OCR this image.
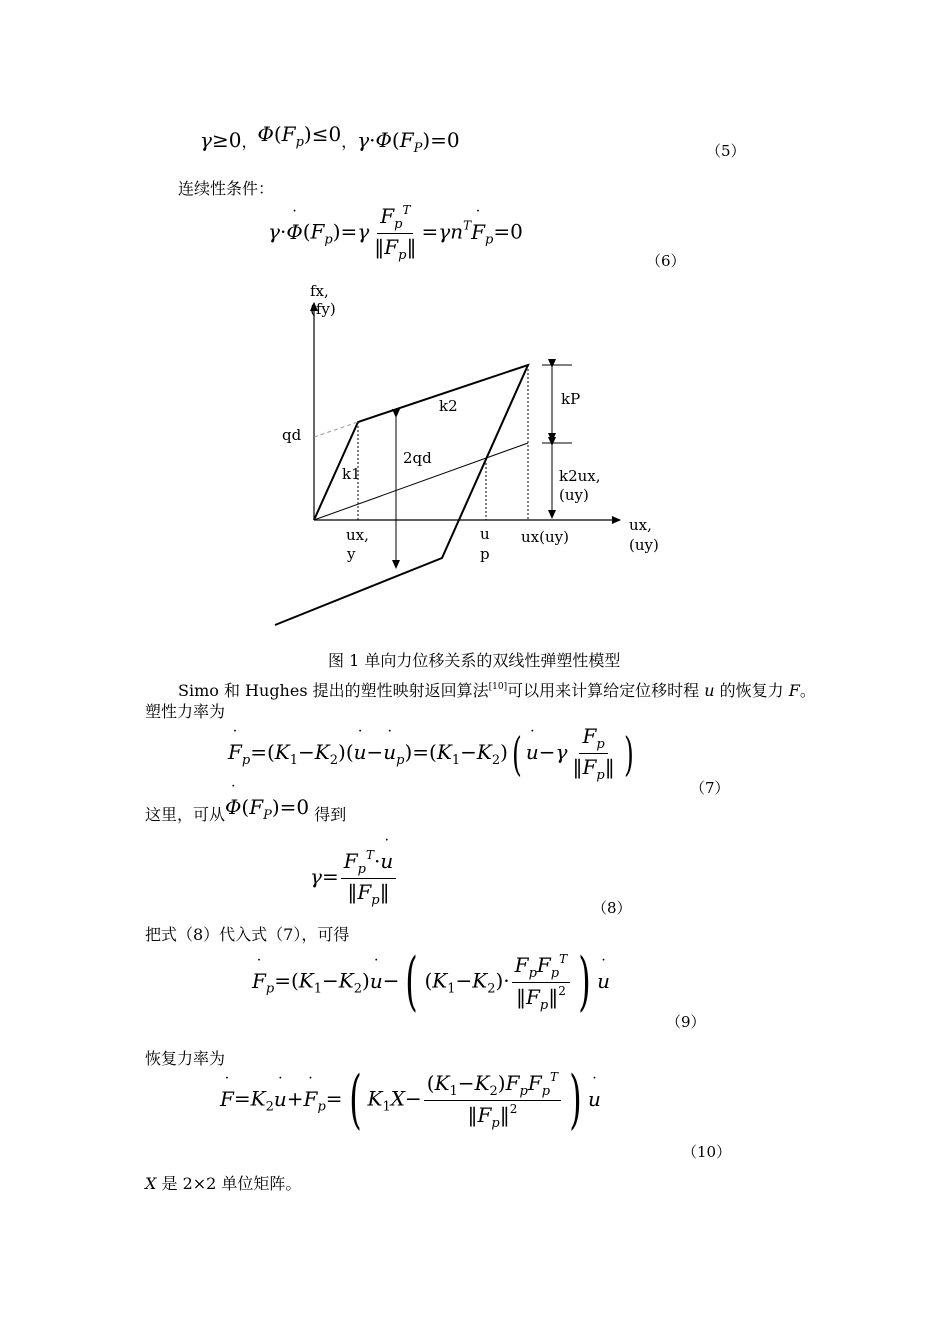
γ≥0，$\Phi(F_p)\le 0$，$\gamma\cdot\Phi(F_P)=0$	（5）
连续性条件：
γ·˙ $\Phi(F_p)=\gamma \frac{F_p^T}{‖F_p‖}$ $=\gamma n^T˙$ $F_p=0$
（6）
fx,
(fy)
qd
k1
k2
2qd
kP
k2ux,
(uy)
ux,
(uy)
ux,
y
u
p
ux(uy)
图 1 单向力位移关系的双线性弹塑性模型
Simo 和 Hughes 提出的塑性映射返回算法[10]可以用来计算给定位移时程 u 的恢复力 F。
塑性力率为
˙ $F_p=(K_1-K_2)(˙$ u−˙ $u_p)=(K_1-K_2)(˙$ $u-\gamma \frac{F_p}{‖F_p‖}$ )
（7）
这里，可从˙ $\Phi(F_P)=0$ 得到
$\gamma= \frac{F_p^T\cdot˙ u}{‖F_p‖}$	（8）
把式（8）代入式（7），可得
˙ $F_p=(K_1-K_2)˙$ u−( $(K_1-K_2)\cdot \frac{F_pF_p^T}{‖F_p‖^2}$ )˙ u
（9）
恢复力率为
˙ $F=K_2˙$ u+˙ $F_p=$( $K_1X- \frac{(K_1-K_2)F_pF_p^T}{‖F_p‖^2}$ )˙ u
（10）
X 是 2×2 单位矩阵。
